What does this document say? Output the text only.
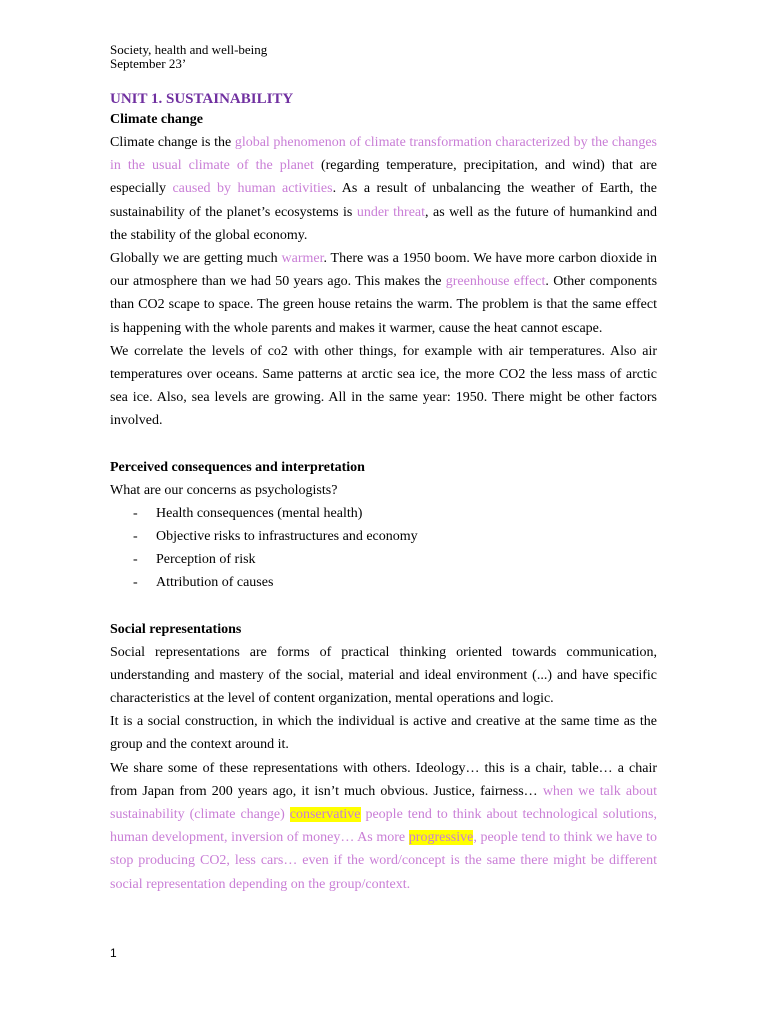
Society, health and well-being
September 23’
UNIT 1. SUSTAINABILITY
Climate change

Climate change is the global phenomenon of climate transformation characterized by the changes in the usual climate of the planet (regarding temperature, precipitation, and wind) that are especially caused by human activities. As a result of unbalancing the weather of Earth, the sustainability of the planet’s ecosystems is under threat, as well as the future of humankind and the stability of the global economy.

Globally we are getting much warmer. There was a 1950 boom. We have more carbon dioxide in our atmosphere than we had 50 years ago. This makes the greenhouse effect. Other components than CO2 scape to space. The green house retains the warm. The problem is that the same effect is happening with the whole parents and makes it warmer, cause the heat cannot escape.

We correlate the levels of co2 with other things, for example with air temperatures. Also air temperatures over oceans. Same patterns at arctic sea ice, the more CO2 the less mass of arctic sea ice. Also, sea levels are growing. All in the same year: 1950. There might be other factors involved.

Perceived consequences and interpretation

What are our concerns as psychologists?

- Health consequences (mental health)
- Objective risks to infrastructures and economy
- Perception of risk
- Attribution of causes
Social representations

Social representations are forms of practical thinking oriented towards communication, understanding and mastery of the social, material and ideal environment (...) and have specific characteristics at the level of content organization, mental operations and logic.

It is a social construction, in which the individual is active and creative at the same time as the group and the context around it.

We share some of these representations with others. Ideology… this is a chair, table… a chair from Japan from 200 years ago, it isn’t much obvious. Justice, fairness… when we talk about sustainability (climate change) conservative people tend to think about technological solutions, human development, inversion of money… As more progressive, people tend to think we have to stop producing CO2, less cars… even if the word/concept is the same there might be different social representation depending on the group/context.

1
